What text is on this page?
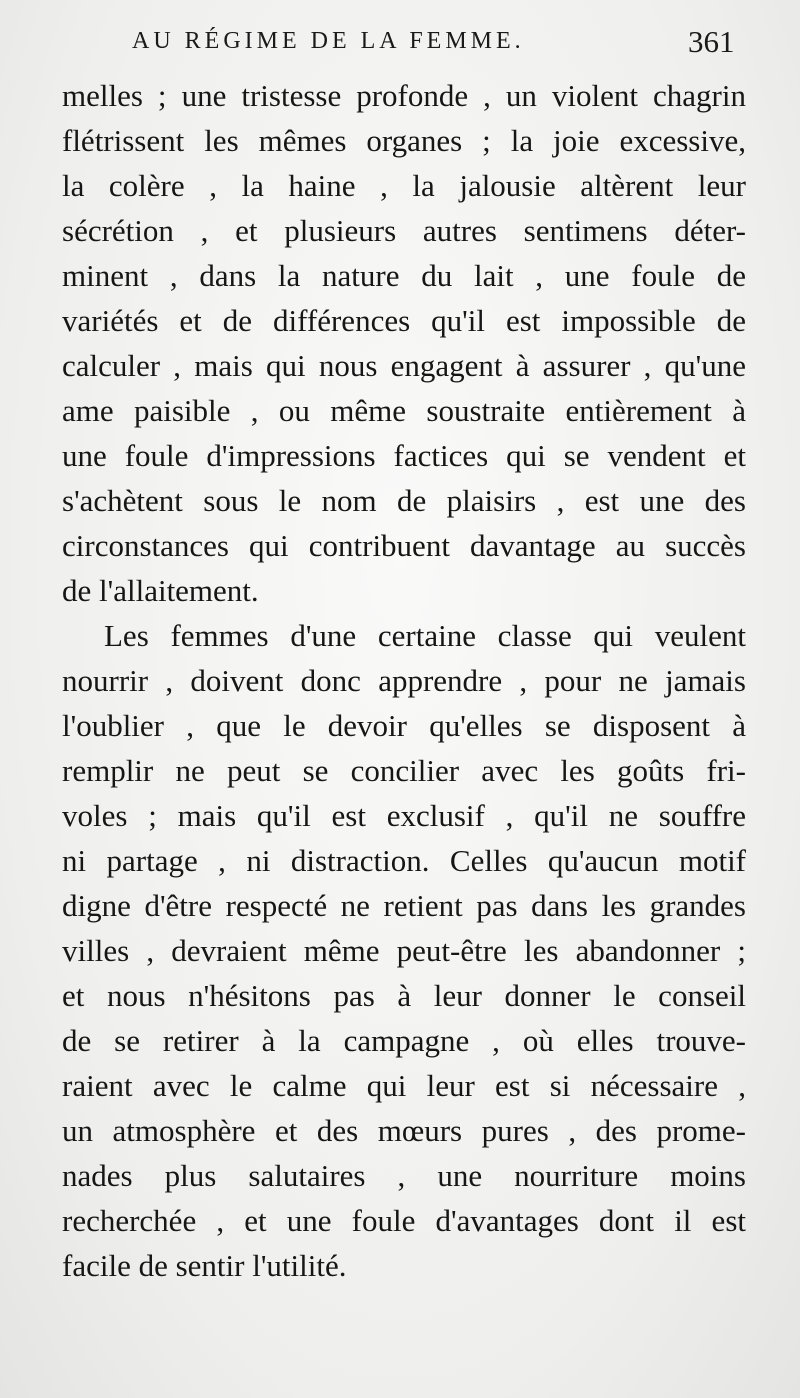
AU RÉGIME DE LA FEMME.	361
melles ; une tristesse profonde , un violent chagrin
flétrissent les mêmes organes ; la joie excessive,
la colère , la haine , la jalousie altèrent leur
sécrétion , et plusieurs autres sentimens déter-
minent , dans la nature du lait , une foule de
variétés et de différences qu'il est impossible de
calculer , mais qui nous engagent à assurer , qu'une
ame paisible , ou même soustraite entièrement à
une foule d'impressions factices qui se vendent et
s'achètent sous le nom de plaisirs , est une des
circonstances qui contribuent davantage au succès
de l'allaitement.
Les femmes d'une certaine classe qui veulent
nourrir , doivent donc apprendre , pour ne jamais
l'oublier , que le devoir qu'elles se disposent à
remplir ne peut se concilier avec les goûts fri-
voles ; mais qu'il est exclusif , qu'il ne souffre
ni partage , ni distraction. Celles qu'aucun motif
digne d'être respecté ne retient pas dans les grandes
villes , devraient même peut-être les abandonner ;
et nous n'hésitons pas à leur donner le conseil
de se retirer à la campagne , où elles trouve-
raient avec le calme qui leur est si nécessaire ,
un atmosphère et des mœurs pures , des prome-
nades plus salutaires , une nourriture moins
recherchée , et une foule d'avantages dont il est
facile de sentir l'utilité.
